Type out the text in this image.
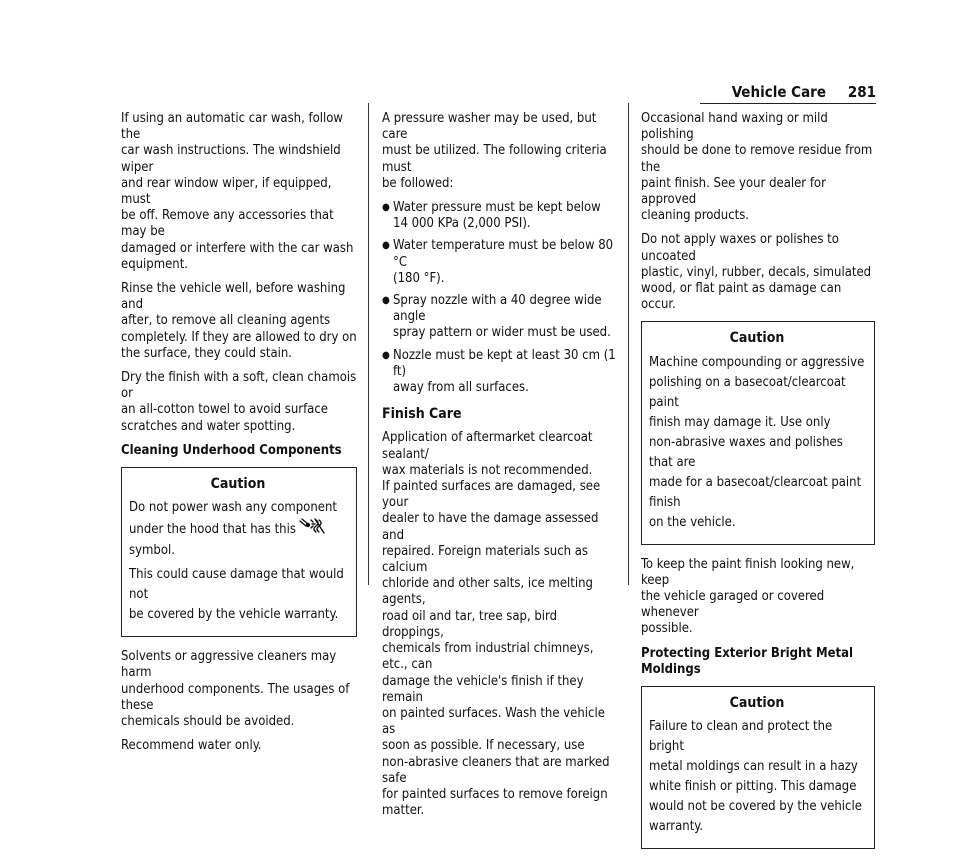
Vehicle Care 281

If using an automatic car wash, follow the
car wash instructions. The windshield wiper
and rear window wiper, if equipped, must
be off. Remove any accessories that may be
damaged or interfere with the car wash
equipment.

Rinse the vehicle well, before washing and
after, to remove all cleaning agents
completely. If they are allowed to dry on
the surface, they could stain.

Dry the finish with a soft, clean chamois or
an all-cotton towel to avoid surface
scratches and water spotting.

Cleaning Underhood Components
Caution

Do not power wash any component
under the hood that has this
symbol.

This could cause damage that would not
be covered by the vehicle warranty.

Solvents or aggressive cleaners may harm
underhood components. The usages of these
chemicals should be avoided.

Recommend water only.

A pressure washer may be used, but care
must be utilized. The following criteria must
be followed:

● Water pressure must be kept below
14 000 KPa (2,000 PSI).
● Water temperature must be below 80 °C
(180 °F).
● Spray nozzle with a 40 degree wide angle
spray pattern or wider must be used.
● Nozzle must be kept at least 30 cm (1 ft)
away from all surfaces.
Finish Care

Application of aftermarket clearcoat sealant/
wax materials is not recommended.
If painted surfaces are damaged, see your
dealer to have the damage assessed and
repaired. Foreign materials such as calcium
chloride and other salts, ice melting agents,
road oil and tar, tree sap, bird droppings,
chemicals from industrial chimneys, etc., can
damage the vehicle's finish if they remain
on painted surfaces. Wash the vehicle as
soon as possible. If necessary, use
non-abrasive cleaners that are marked safe
for painted surfaces to remove foreign
matter.

Occasional hand waxing or mild polishing
should be done to remove residue from the
paint finish. See your dealer for approved
cleaning products.

Do not apply waxes or polishes to uncoated
plastic, vinyl, rubber, decals, simulated
wood, or flat paint as damage can occur.

Caution

Machine compounding or aggressive
polishing on a basecoat/clearcoat paint
finish may damage it. Use only
non-abrasive waxes and polishes that are
made for a basecoat/clearcoat paint finish
on the vehicle.

To keep the paint finish looking new, keep
the vehicle garaged or covered whenever
possible.

Protecting Exterior Bright Metal Moldings
Caution

Failure to clean and protect the bright
metal moldings can result in a hazy
white finish or pitting. This damage
would not be covered by the vehicle
warranty.
